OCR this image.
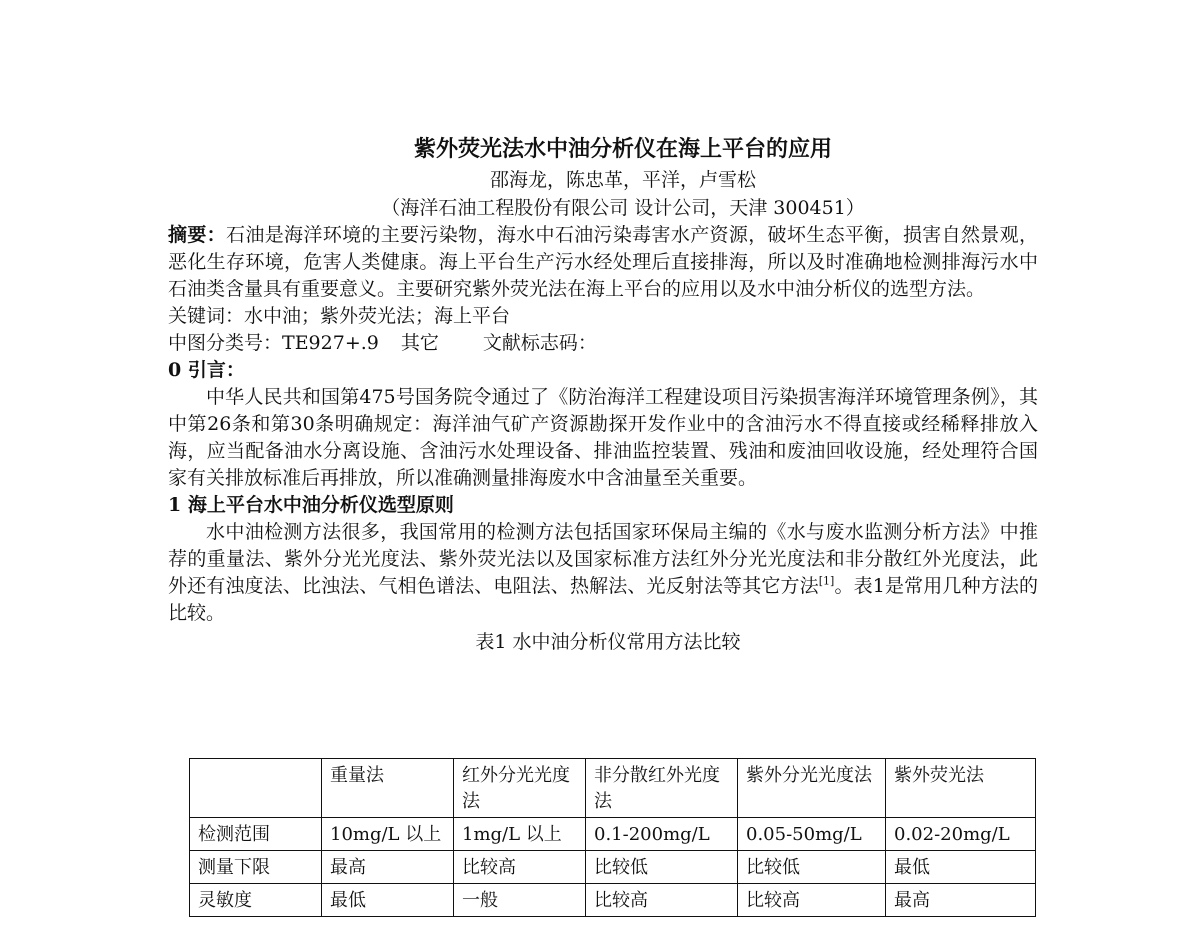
紫外荧光法水中油分析仪在海上平台的应用
邵海龙，陈忠革，平洋，卢雪松
（海洋石油工程股份有限公司 设计公司，天津 300451）

摘要：石油是海洋环境的主要污染物，海水中石油污染毒害水产资源，破坏生态平衡，损害自然景观，恶化生存环境，危害人类健康。海上平台生产污水经处理后直接排海，所以及时准确地检测排海污水中石油类含量具有重要意义。主要研究紫外荧光法在海上平台的应用以及水中油分析仪的选型方法。

关键词：水中油；紫外荧光法；海上平台

中图分类号：TE927+.9 其它 文献标志码：

0 引言：

中华人民共和国第475号国务院令通过了《防治海洋工程建设项目污染损害海洋环境管理条例》，其中第26条和第30条明确规定：海洋油气矿产资源勘探开发作业中的含油污水不得直接或经稀释排放入海，应当配备油水分离设施、含油污水处理设备、排油监控装置、残油和废油回收设施，经处理符合国家有关排放标准后再排放，所以准确测量排海废水中含油量至关重要。

1 海上平台水中油分析仪选型原则

水中油检测方法很多，我国常用的检测方法包括国家环保局主编的《水与废水监测分析方法》中推荐的重量法、紫外分光光度法、紫外荧光法以及国家标准方法红外分光光度法和非分散红外光度法，此外还有浊度法、比浊法、气相色谱法、电阻法、热解法、光反射法等其它方法[1]。表1是常用几种方法的比较。

表1 水中油分析仪常用方法比较
	重量法	红外分光光度法	非分散红外光度法	紫外分光光度法	紫外荧光法
检测范围	10mg/L 以上	1mg/L 以上	0.1-200mg/L	0.05-50mg/L	0.02-20mg/L
测量下限	最高	比较高	比较低	比较低	最低
灵敏度	最低	一般	比较高	比较高	最高
